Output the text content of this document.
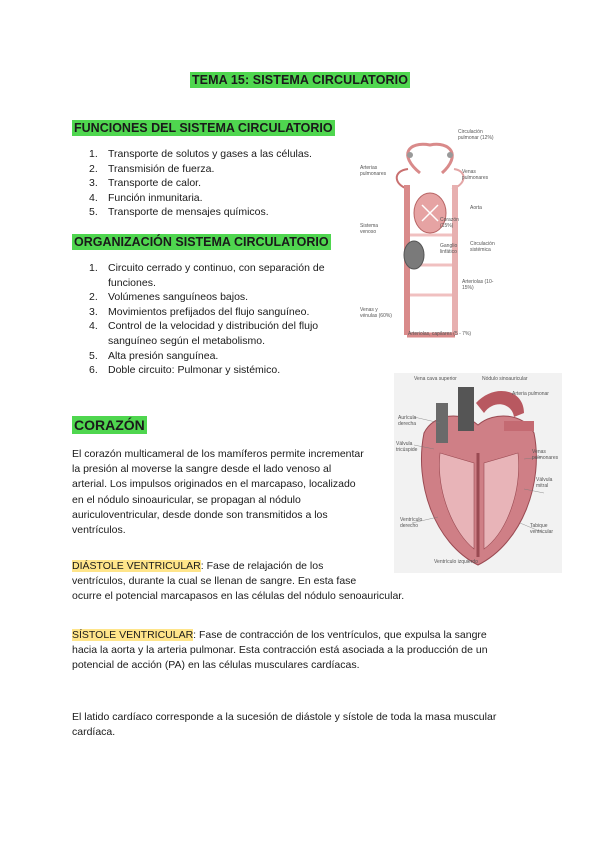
TEMA 15: SISTEMA CIRCULATORIO
FUNCIONES DEL SISTEMA CIRCULATORIO
1. Transporte de solutos y gases a las células.
2. Transmisión de fuerza.
3. Transporte de calor.
4. Función inmunitaria.
5. Transporte de mensajes químicos.
ORGANIZACIÓN SISTEMA CIRCULATORIO
1. Circuito cerrado y continuo, con separación de
funciones.
2. Volúmenes sanguíneos bajos.
3. Movimientos prefijados del flujo sanguíneo.
4. Control de la velocidad y distribución del flujo
sanguíneo según el metabolismo.
5. Alta presión sanguínea.
6. Doble circuito: Pulmonar y sistémico.
Circulación pulmonar (12%)
Arterias pulmonares	Venas pulmonares
Aorta
Corazón (15%)
Sistema venoso
Ganglio linfático
Circulación sistémica
Arteriolas (10-15%)
Venas y vénulas (60%)
Arteriolas, capilares (5 - 7%)
CORAZÓN
El corazón multicameral de los mamíferos permite incrementar
la presión al moverse la sangre desde el lado venoso al
arterial. Los impulsos originados en el marcapaso, localizado
en el nódulo sinoauricular, se propagan al nódulo
auriculoventricular, desde donde son transmitidos a los
ventrículos.
Vena cava superior	Nódulo sinoauricular
Arteria pulmonar
Aurícula derecha
Válvula tricúspide	Venas pulmonares
Válvula mitral
Tabique ventricular
Ventrículo derecho
Ventrículo izquierdo
DIÁSTOLE VENTRICULAR: Fase de relajación de los
ventrículos, durante la cual se llenan de sangre. En esta fase
ocurre el potencial marcapasos en las células del nódulo senoauricular.
SÍSTOLE VENTRICULAR: Fase de contracción de los ventrículos, que expulsa la sangre
hacia la aorta y la arteria pulmonar. Esta contracción está asociada a la producción de un
potencial de acción (PA) en las células musculares cardíacas.
El latido cardíaco corresponde a la sucesión de diástole y sístole de toda la masa muscular
cardíaca.
